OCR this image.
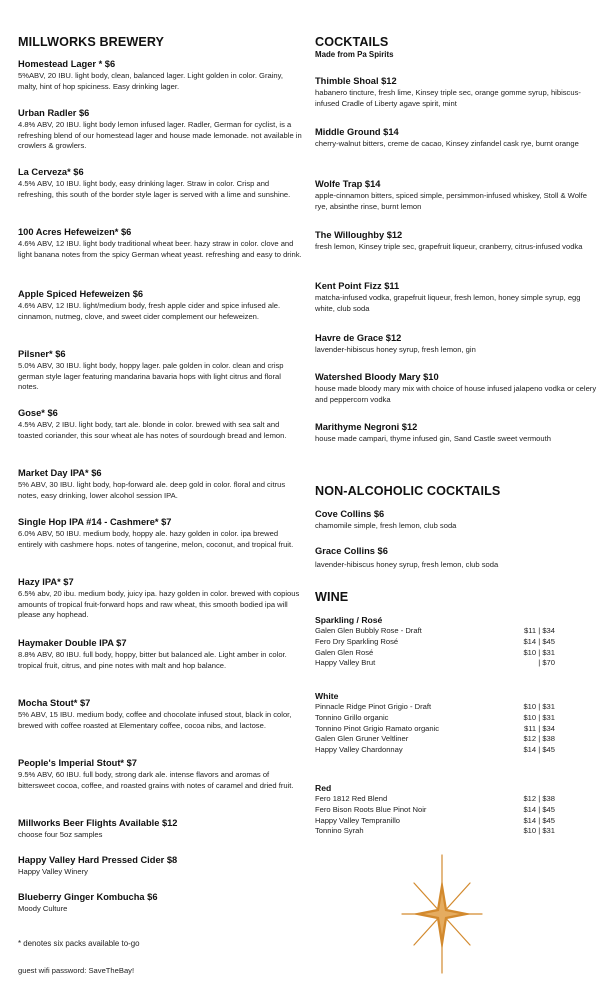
MILLWORKS BREWERY
Homestead Lager * $6
5%ABV, 20 IBU. light body, clean, balanced lager. Light golden in color. Grainy, malty, hint of hop spiciness. Easy drinking lager.
Urban Radler $6
4.8% ABV, 20 IBU. light body lemon infused lager. Radler, German for cyclist, is a refreshing blend of our homestead lager and house made lemonade. not available in crowlers & growlers.
La Cerveza* $6
4.5% ABV, 10 IBU. light body, easy drinking lager. Straw in color. Crisp and refreshing, this south of the border style lager is served with a lime and sunshine.
100 Acres Hefeweizen* $6
4.6% ABV, 12 IBU. light body traditional wheat beer. hazy straw in color. clove and light banana notes from the spicy German wheat yeast. refreshing and easy to drink.
Apple Spiced Hefeweizen $6
4.6% ABV, 12 IBU. light/medium body, fresh apple cider and spice infused ale. cinnamon, nutmeg, clove, and sweet cider complement our hefeweizen.
Pilsner* $6
5.0% ABV, 30 IBU. light body, hoppy lager. pale golden in color. clean and crisp german style lager featuring mandarina bavaria hops with light citrus and floral notes.
Gose* $6
4.5% ABV, 2 IBU. light body, tart ale. blonde in color. brewed with sea salt and toasted coriander, this sour wheat ale has notes of sourdough bread and lemon.
Market Day IPA* $6
5% ABV, 30 IBU. light body, hop-forward ale. deep gold in color. floral and citrus notes, easy drinking, lower alcohol session IPA.
Single Hop IPA #14 - Cashmere* $7
6.0% ABV, 50 IBU. medium body, hoppy ale. hazy golden in color. ipa brewed entirely with cashmere hops. notes of tangerine, melon, coconut, and tropical fruit.
Hazy IPA* $7
6.5% abv, 20 ibu. medium body, juicy ipa. hazy golden in color. brewed with copious amounts of tropical fruit-forward hops and raw wheat, this smooth bodied ipa will please any hophead.
Haymaker Double IPA $7
8.8% ABV, 80 IBU. full body, hoppy, bitter but balanced ale. Light amber in color. tropical fruit, citrus, and pine notes with malt and hop balance.
Mocha Stout* $7
5% ABV, 15 IBU. medium body, coffee and chocolate infused stout, black in color, brewed with coffee roasted at Elementary coffee, cocoa nibs, and lactose.
People's Imperial Stout* $7
9.5% ABV, 60 IBU. full body, strong dark ale. intense flavors and aromas of bittersweet cocoa, coffee, and roasted grains with notes of caramel and dried fruit.
Millworks Beer Flights Available $12
choose four 5oz samples
Happy Valley Hard Pressed Cider $8
Happy Valley Winery
Blueberry Ginger Kombucha $6
Moody Culture
* denotes six packs available to-go
guest wifi password: SaveTheBay!
COCKTAILS
Made from Pa Spirits
Thimble Shoal $12
habanero tincture, fresh lime, Kinsey triple sec, orange gomme syrup, hibiscus-infused Cradle of Liberty agave spirit, mint
Middle Ground $14
cherry-walnut bitters, creme de cacao, Kinsey zinfandel cask rye, burnt orange
Wolfe Trap $14
apple-cinnamon bitters, spiced simple, persimmon-infused whiskey, Stoll & Wolfe rye, absinthe rinse, burnt lemon
The Willoughby $12
fresh lemon, Kinsey triple sec, grapefruit liqueur, cranberry, citrus-infused vodka
Kent Point Fizz $11
matcha-infused vodka, grapefruit liqueur, fresh lemon, honey simple syrup, egg white, club soda
Havre de Grace $12
lavender-hibiscus honey syrup, fresh lemon, gin
Watershed Bloody Mary $10
house made bloody mary mix with choice of house infused jalapeno vodka or celery and peppercorn vodka
Marithyme Negroni $12
house made campari, thyme infused gin, Sand Castle sweet vermouth
NON-ALCOHOLIC COCKTAILS
Cove Collins $6
chamomile simple, fresh lemon, club soda
Grace Collins $6
lavender-hibiscus honey syrup, fresh lemon, club soda
WINE
Sparkling / Rosé
Galen Glen Bubbly Rose - Draft	$11 | $34
Fero Dry Sparkling Rosé	$14 | $45
Galen Glen Rosé	$10 | $31
Happy Valley Brut	| $70
White
Pinnacle Ridge Pinot Grigio - Draft	$10 | $31
Tonnino Grillo organic	$10 | $31
Tonnino Pinot Grigio Ramato organic	$11 | $34
Galen Glen Gruner Veltliner	$12 | $38
Happy Valley Chardonnay	$14 | $45
Red
Fero 1812 Red Blend	$12 | $38
Fero Bison Roots Blue Pinot Noir	$14 | $45
Happy Valley Tempranillo	$14 | $45
Tonnino Syrah	$10 | $31
